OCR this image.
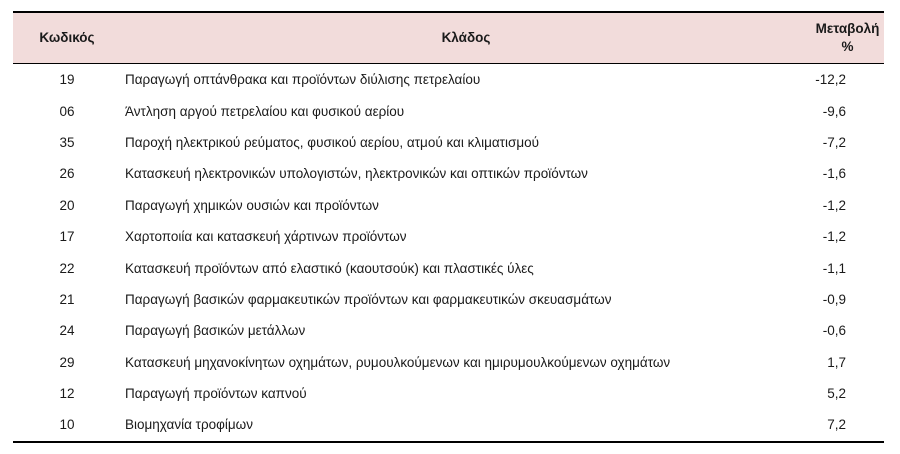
Κωδικός	Κλάδος	Μεταβολή
%

19	Παραγωγή οπτάνθρακα και προϊόντων διύλισης πετρελαίου	-12,2
06	Άντληση αργού πετρελαίου και φυσικού αερίου	-9,6
35	Παροχή ηλεκτρικού ρεύματος, φυσικού αερίου, ατμού και κλιματισμού	-7,2
26	Κατασκευή ηλεκτρονικών υπολογιστών, ηλεκτρονικών και οπτικών προϊόντων	-1,6
20	Παραγωγή χημικών ουσιών και προϊόντων	-1,2
17	Χαρτοποιία και κατασκευή χάρτινων προϊόντων	-1,2
22	Κατασκευή προϊόντων από ελαστικό (καουτσούκ) και πλαστικές ύλες	-1,1
21	Παραγωγή βασικών φαρμακευτικών προϊόντων και φαρμακευτικών σκευασμάτων	-0,9
24	Παραγωγή βασικών μετάλλων	-0,6
29	Κατασκευή μηχανοκίνητων οχημάτων, ρυμουλκούμενων και ημιρυμουλκούμενων οχημάτων	1,7
12	Παραγωγή προϊόντων καπνού	5,2
10	Βιομηχανία τροφίμων	7,2
